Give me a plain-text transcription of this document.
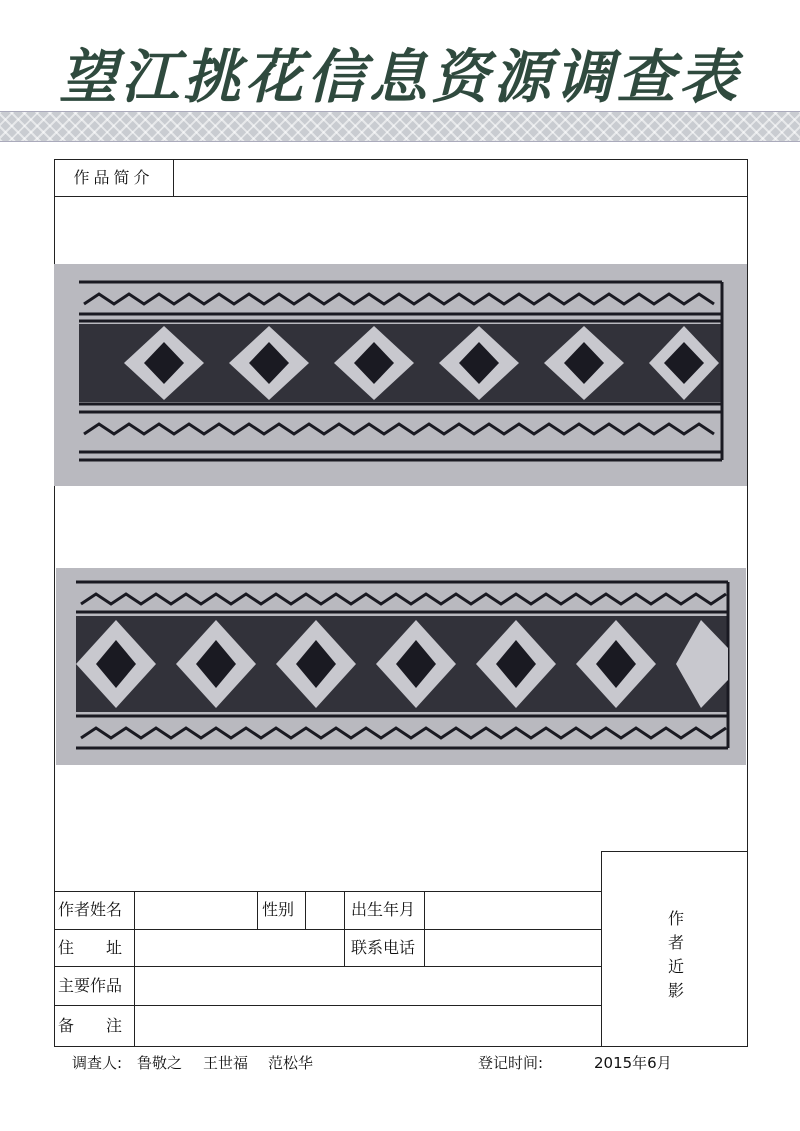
望江挑花信息资源调查表
作品简介
作者姓名	性别	出生年月
住　　址	联系电话
主要作品
备　　注
作
者
近
影
调查人: 鲁敬之 王世福 范松华	登记时间:	2015年6月
